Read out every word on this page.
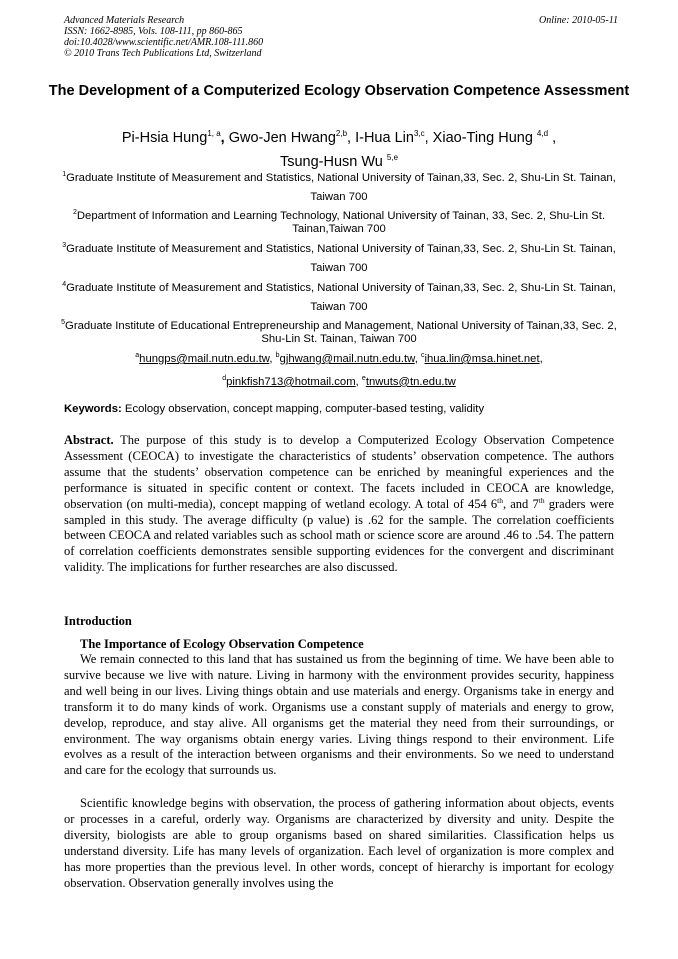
Advanced Materials Research
ISSN: 1662-8985, Vols. 108-111, pp 860-865
doi:10.4028/www.scientific.net/AMR.108-111.860
© 2010 Trans Tech Publications Ltd, Switzerland
Online: 2010-05-11
The Development of a Computerized Ecology Observation Competence Assessment
Pi-Hsia Hung$^{1, a}$, Gwo-Jen Hwang$^{2,b}$, I-Hua Lin$^{3,c}$, Xiao-Ting Hung $^{4,d}$ ,
Tsung-Husn Wu $^{5,e}$
$^1$Graduate Institute of Measurement and Statistics, National University of Tainan,33, Sec. 2, Shu-Lin St. Tainan, Taiwan 700
$^2$Department of Information and Learning Technology, National University of Tainan, 33, Sec. 2, Shu-Lin St. Tainan,Taiwan 700
$^3$Graduate Institute of Measurement and Statistics, National University of Tainan,33, Sec. 2, Shu-Lin St. Tainan, Taiwan 700
$^4$Graduate Institute of Measurement and Statistics, National University of Tainan,33, Sec. 2, Shu-Lin St. Tainan, Taiwan 700
$^5$Graduate Institute of Educational Entrepreneurship and Management, National University of Tainan,33, Sec. 2, Shu-Lin St. Tainan, Taiwan 700
$^a$hungps@mail.nutn.edu.tw, $^b$gjhwang@mail.nutn.edu.tw, $^c$ihua.lin@msa.hinet.net,
$^d$pinkfish713@hotmail.com, $^e$tnwuts@tn.edu.tw
Keywords: Ecology observation, concept mapping, computer-based testing, validity
Abstract. The purpose of this study is to develop a Computerized Ecology Observation Competence Assessment (CEOCA) to investigate the characteristics of students’ observation competence. The authors assume that the students’ observation competence can be enriched by meaningful experiences and the performance is situated in specific content or context. The facets included in CEOCA are knowledge, observation (on multi-media), concept mapping of wetland ecology. A total of 454 6th, and 7th graders were sampled in this study. The average difficulty (p value) is .62 for the sample. The correlation coefficients between CEOCA and related variables such as school math or science score are around .46 to .54. The pattern of correlation coefficients demonstrates sensible supporting evidences for the convergent and discriminant validity. The implications for further researches are also discussed.
Introduction
The Importance of Ecology Observation Competence
We remain connected to this land that has sustained us from the beginning of time. We have been able to survive because we live with nature. Living in harmony with the environment provides security, happiness and well being in our lives. Living things obtain and use materials and energy. Organisms take in energy and transform it to do many kinds of work. Organisms use a constant supply of materials and energy to grow, develop, reproduce, and stay alive. All organisms get the material they need from their surroundings, or environment. The way organisms obtain energy varies. Living things respond to their environment. Life evolves as a result of the interaction between organisms and their environments. So we need to understand and care for the ecology that surrounds us.
Scientific knowledge begins with observation, the process of gathering information about objects, events or processes in a careful, orderly way. Organisms are characterized by diversity and unity. Despite the diversity, biologists are able to group organisms based on shared similarities. Classification helps us understand diversity. Life has many levels of organization. Each level of organization is more complex and has more properties than the previous level. In other words, concept of hierarchy is important for ecology observation. Observation generally involves using the
